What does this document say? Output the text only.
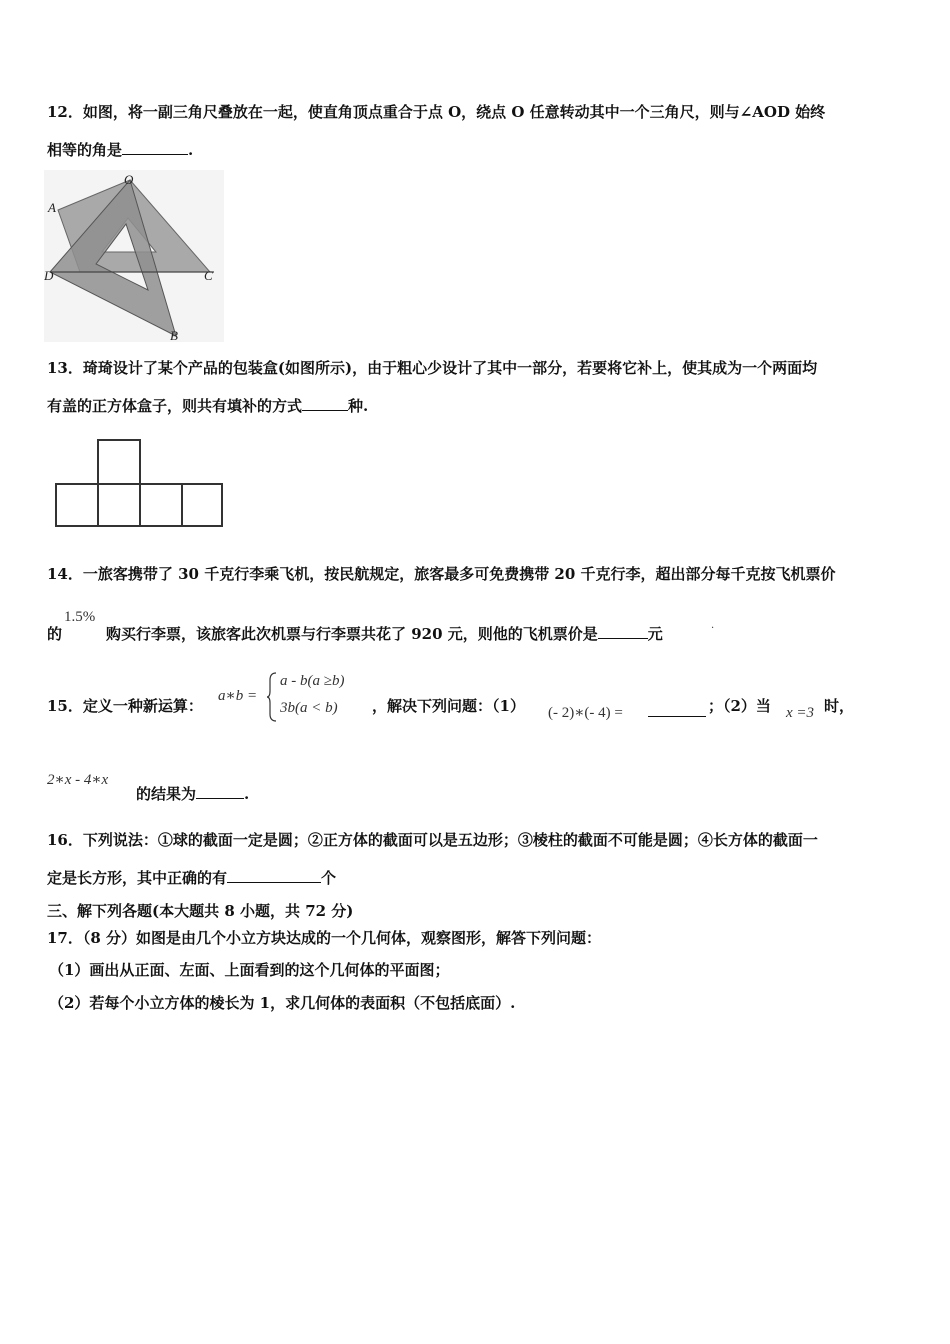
12．如图，将一副三角尺叠放在一起，使直角顶点重合于点 O，绕点 O 任意转动其中一个三角尺，则与∠AOD 始终
相等的角是	.
O
A
D	C
B
13．琦琦设计了某个产品的包装盒(如图所示)，由于粗心少设计了其中一部分，若要将它补上，使其成为一个两面均
有盖的正方体盒子，则共有填补的方式	种.
14．一旅客携带了 30 千克行李乘飞机，按民航规定，旅客最多可免费携带 20 千克行李，超出部分每千克按飞机票价
的
1.5%
购买行李票，该旅客此次机票与行李票共花了 920 元，则他的飞机票价是	元	.
15．定义一种新运算：
a∗b =
a - b(a ≥b)
3b(a < b) ，解决下列问题：（1） (- 2)∗(- 4) =	；（2）当 x =3 时，
2∗x - 4∗x
的结果为	.
16．下列说法：①球的截面一定是圆；②正方体的截面可以是五边形；③棱柱的截面不可能是圆；④长方体的截面一
定是长方形，其中正确的有	个
三、解下列各题(本大题共 8 小题，共 72 分)
17．（8 分）如图是由几个小立方块达成的一个几何体，观察图形，解答下列问题：
（1）画出从正面、左面、上面看到的这个几何体的平面图；
（2）若每个小立方体的棱长为 1，求几何体的表面积（不包括底面）.
